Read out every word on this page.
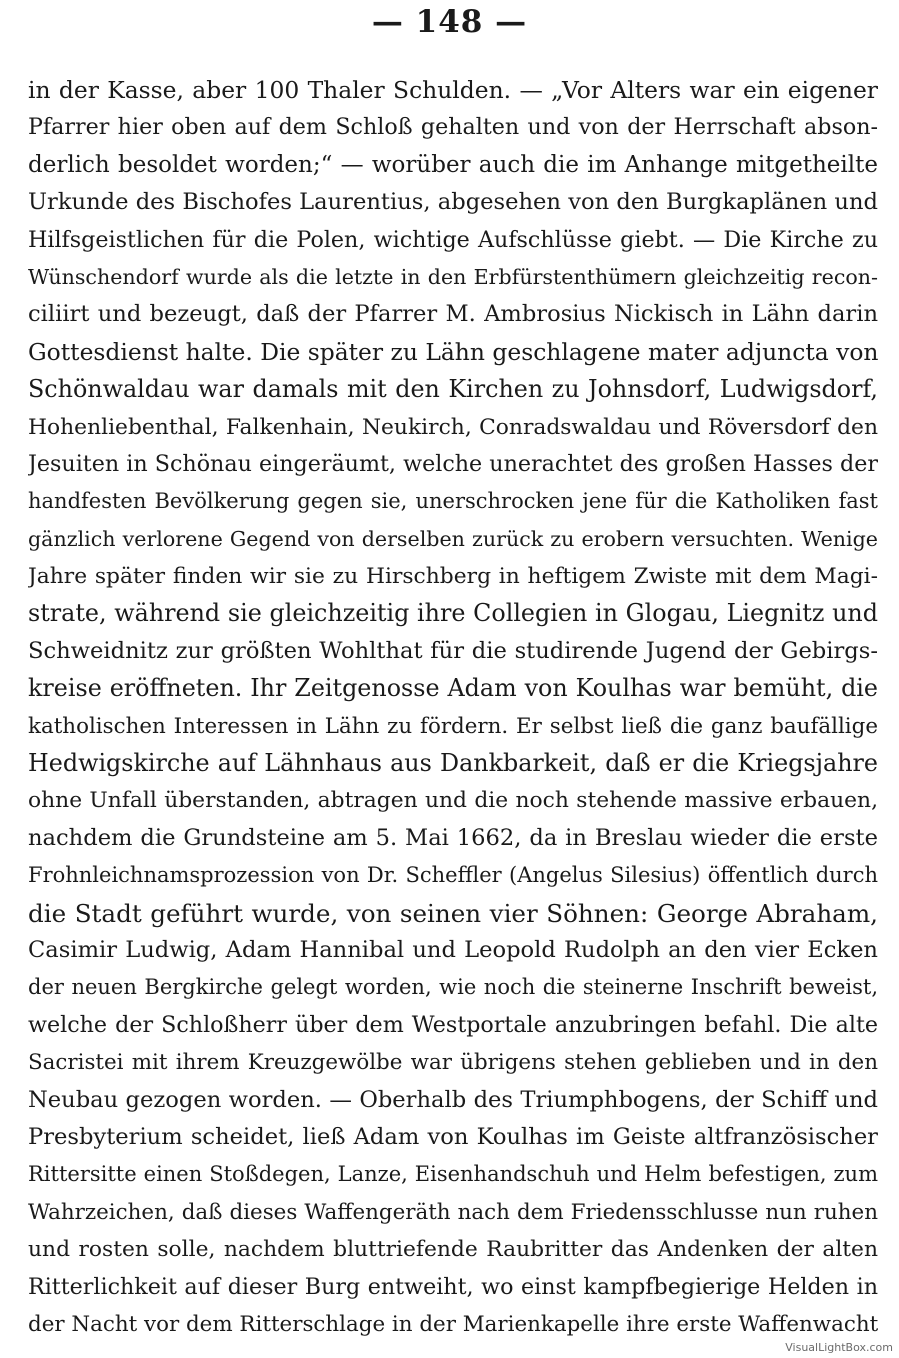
— 148 —
in der Kasse, aber 100 Thaler Schulden. — „Vor Alters war ein eigener
Pfarrer hier oben auf dem Schloß gehalten und von der Herrschaft abson-
derlich besoldet worden;“ — worüber auch die im Anhange mitgetheilte
Urkunde des Bischofes Laurentius, abgesehen von den Burgkaplänen und
Hilfsgeistlichen für die Polen, wichtige Aufschlüsse giebt. — Die Kirche zu
Wünschendorf wurde als die letzte in den Erbfürstenthümern gleichzeitig recon-
ciliirt und bezeugt, daß der Pfarrer M. Ambrosius Nickisch in Lähn darin
Gottesdienst halte. Die später zu Lähn geschlagene mater adjuncta von
Schönwaldau war damals mit den Kirchen zu Johnsdorf, Ludwigsdorf,
Hohenliebenthal, Falkenhain, Neukirch, Conradswaldau und Röversdorf den
Jesuiten in Schönau eingeräumt, welche unerachtet des großen Hasses der
handfesten Bevölkerung gegen sie, unerschrocken jene für die Katholiken fast
gänzlich verlorene Gegend von derselben zurück zu erobern versuchten. Wenige
Jahre später finden wir sie zu Hirschberg in heftigem Zwiste mit dem Magi-
strate, während sie gleichzeitig ihre Collegien in Glogau, Liegnitz und
Schweidnitz zur größten Wohlthat für die studirende Jugend der Gebirgs-
kreise eröffneten. Ihr Zeitgenosse Adam von Koulhas war bemüht, die
katholischen Interessen in Lähn zu fördern. Er selbst ließ die ganz baufällige
Hedwigskirche auf Lähnhaus aus Dankbarkeit, daß er die Kriegsjahre
ohne Unfall überstanden, abtragen und die noch stehende massive erbauen,
nachdem die Grundsteine am 5. Mai 1662, da in Breslau wieder die erste
Frohnleichnamsprozession von Dr. Scheffler (Angelus Silesius) öffentlich durch
die Stadt geführt wurde, von seinen vier Söhnen: George Abraham,
Casimir Ludwig, Adam Hannibal und Leopold Rudolph an den vier Ecken
der neuen Bergkirche gelegt worden, wie noch die steinerne Inschrift beweist,
welche der Schloßherr über dem Westportale anzubringen befahl. Die alte
Sacristei mit ihrem Kreuzgewölbe war übrigens stehen geblieben und in den
Neubau gezogen worden. — Oberhalb des Triumphbogens, der Schiff und
Presbyterium scheidet, ließ Adam von Koulhas im Geiste altfranzösischer
Rittersitte einen Stoßdegen, Lanze, Eisenhandschuh und Helm befestigen, zum
Wahrzeichen, daß dieses Waffengeräth nach dem Friedensschlusse nun ruhen
und rosten solle, nachdem bluttriefende Raubritter das Andenken der alten
Ritterlichkeit auf dieser Burg entweiht, wo einst kampfbegierige Helden in
der Nacht vor dem Ritterschlage in der Marienkapelle ihre erste Waffenwacht
VisualLightBox.com
